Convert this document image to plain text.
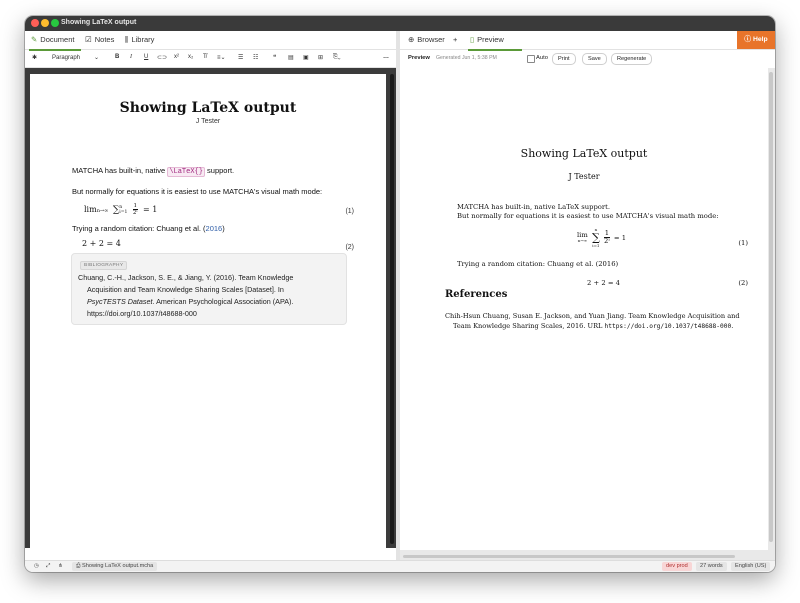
Showing LaTeX output
✎ Document	☑ Notes ⫼ Library
✱ Paragraph ⌄	B I U ⊂⊃ x² x₂ T̸ ≡⌄ ☰ ☷ ❝ ▤ ▣ ⊞ ⎘⌄	…
Showing LaTeX output
J Tester
MATCHA has built-in, native \LaTeX{} support.
But normally for equations it is easiest to use MATCHA's visual math mode:
limn→∞ ∑ n
i=1
$\frac{1}{\text{2ⁱ}} = 1$	(1)
Trying a random citation: Chuang et al. (2016)
2 + 2 = 4	(2)
BIBLIOGRAPHY
Chuang, C.-H., Jackson, S. E., & Jiang, Y. (2016). Team Knowledge
Acquisition and Team Knowledge Sharing Scales [Dataset]. In
PsycTESTS Dataset. American Psychological Association (APA).
https://doi.org/10.1037/t48688-000
⊕ Browser + ▯ Preview	ⓘ Help
Preview Generated Jun 1, 5:38 PM	Auto	Print	Save	Regenerate
Showing LaTeX output
J Tester
MATCHA has built-in, native LaTeX support.
But normally for equations it is easiest to use MATCHA's visual math mode:
lim
n→∞

n
∑
i=1

$\frac{1}{\text{2ⁱ}} = 1$
(1)
Trying a random citation: Chuang et al. (2016)
2 + 2 = 4	(2)
References
Chih-Hsun Chuang, Susan E. Jackson, and Yuan Jiang. Team Knowledge Acquisition and
Team Knowledge Sharing Scales, 2016. URL https://doi.org/10.1037/t48688-000.
◷ ⤢ ⋔	⎙ Showing LaTeX output.mcha	dev prod	27 words	English (US)
